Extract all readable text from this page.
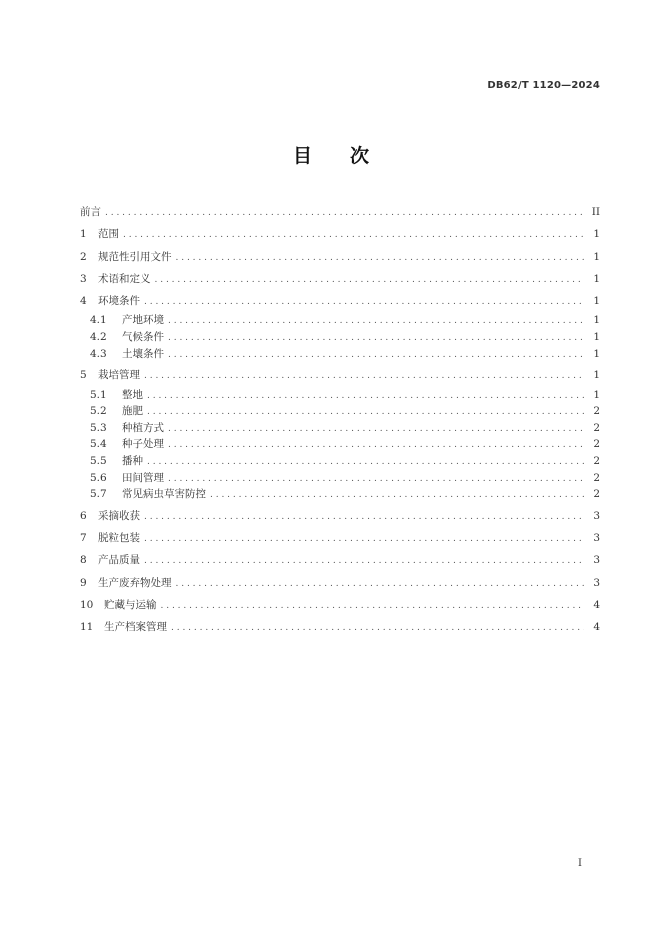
DB62/T 1120—2024
目 次
前言 . . .	II
1	范围 . . .	1
2	规范性引用文件 . . .	1
3	术语和定义 . . .	1
4	环境条件 . . .	1
4.1	产地环境 . . .	1
4.2	气候条件 . . .	1
4.3	土壤条件 . . .	1
5	栽培管理 . . .	1
5.1	整地 . . .	1
5.2	施肥 . . .	2
5.3	种植方式 . . .	2
5.4	种子处理 . . .	2
5.5	播种 . . .	2
5.6	田间管理 . . .	2
5.7	常见病虫草害防控 . . .	2
6	采摘收获 . . .	3
7	脱粒包装 . . .	3
8	产品质量 . . .	3
9	生产废弃物处理 . . .	3
10	贮藏与运输 . . .	4
11	生产档案管理 . . .	4
I
